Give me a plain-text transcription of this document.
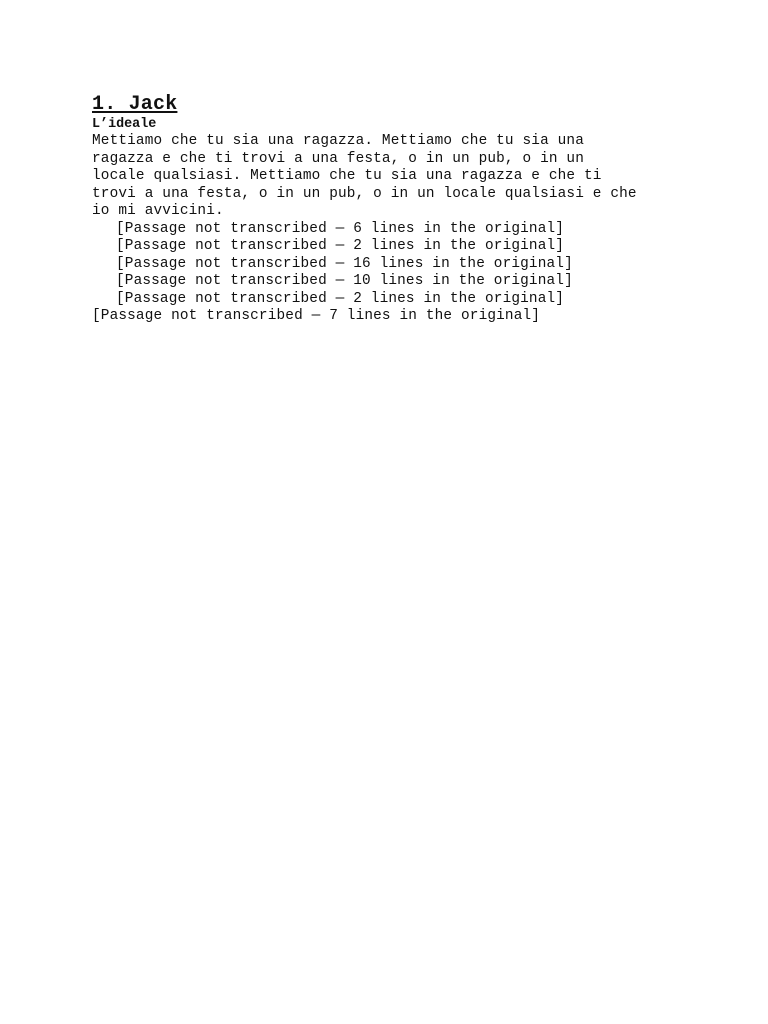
1. Jack
L’ideale
Mettiamo che tu sia una ragazza. Mettiamo che tu sia una
ragazza e che ti trovi a una festa, o in un pub, o in un
locale qualsiasi. Mettiamo che tu sia una ragazza e che ti
trovi a una festa, o in un pub, o in un locale qualsiasi e che
io mi avvicini.
[Passage not transcribed — 6 lines in the original]
[Passage not transcribed — 2 lines in the original]
[Passage not transcribed — 16 lines in the original]
[Passage not transcribed — 10 lines in the original]
[Passage not transcribed — 2 lines in the original]
[Passage not transcribed — 7 lines in the original]
